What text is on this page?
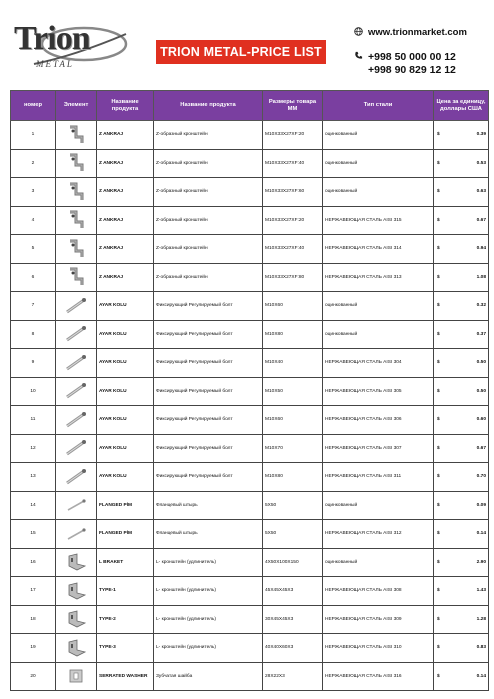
Trion
METAL
TRION METAL-PRICE LIST
www.trionmarket.com
+998 50 000 00 12
+998 90 829 12 12
номер	Элемент	Название продукта	Название продукта	Размеры товара ММ	Тип стали	Цена за единицу, доллары США
1		Z ANKRAJ	Z-образный кронштейн	M10X33X27XF:20	оцинкованный	$ 0.39

2		Z ANKRAJ	Z-образный кронштейн	M10X33X27XF:40	оцинкованный	$ 0.53

3		Z ANKRAJ	Z-образный кронштейн	M10X33X27XF:60	оцинкованный	$ 0.63

4		Z ANKRAJ	Z-образный кронштейн	M10X33X27XF:20	НЕРЖАВЕЮЩАЯ СТАЛЬ AISI 315	$ 0.67

5		Z ANKRAJ	Z-образный кронштейн	M10X33X27XF:40	НЕРЖАВЕЮЩАЯ СТАЛЬ AISI 314	$ 0.94

6		Z ANKRAJ	Z-образный кронштейн	M10X33X27XF:80	НЕРЖАВЕЮЩАЯ СТАЛЬ AISI 313	$ 1.08

7		AYAR KOLU	Фиксирующий Регулируемый болт	M10X60	оцинкованный	$ 0.32

8		AYAR KOLU	Фиксирующий Регулируемый болт	M10X80	оцинкованный	$ 0.37

9		AYAR KOLU	Фиксирующий Регулируемый болт	M10X40	НЕРЖАВЕЮЩАЯ СТАЛЬ AISI 304	$ 0.50

10		AYAR KOLU	Фиксирующий Регулируемый болт	M10X50	НЕРЖАВЕЮЩАЯ СТАЛЬ AISI 305	$ 0.50

11		AYAR KOLU	Фиксирующий Регулируемый болт	M10X60	НЕРЖАВЕЮЩАЯ СТАЛЬ AISI 306	$ 0.60

12		AYAR KOLU	Фиксирующий Регулируемый болт	M10X70	НЕРЖАВЕЮЩАЯ СТАЛЬ AISI 307	$ 0.67

13		AYAR KOLU	Фиксирующий Регулируемый болт	M10X80	НЕРЖАВЕЮЩАЯ СТАЛЬ AISI 311	$ 0.70

14		FLANGED PİM	Фланцевый штырь	5X50	оцинкованный	$ 0.09

15		FLANGED PİM	Фланцевый штырь	5X50	НЕРЖАВЕЮЩАЯ СТАЛЬ AISI 312	$ 0.14

16		L BRAKET	L- кронштейн (удлинитель)	4X50X100X150	оцинкованный	$ 2.90

17		TYPE-1	L- кронштейн (удлинитель)	45X45X45X3	НЕРЖАВЕЮЩАЯ СТАЛЬ AISI 308	$ 1.43

18		TYPE-2	L- кронштейн (удлинитель)	30X45X45X3	НЕРЖАВЕЮЩАЯ СТАЛЬ AISI 309	$ 1.28

19		TYPE-3	L- кронштейн (удлинитель)	40X40X60X3	НЕРЖАВЕЮЩАЯ СТАЛЬ AISI 310	$ 0.83

20		SERRATED WASHER	Зубчатая шайба	28X22X3	НЕРЖАВЕЮЩАЯ СТАЛЬ AISI 316	$ 0.14
